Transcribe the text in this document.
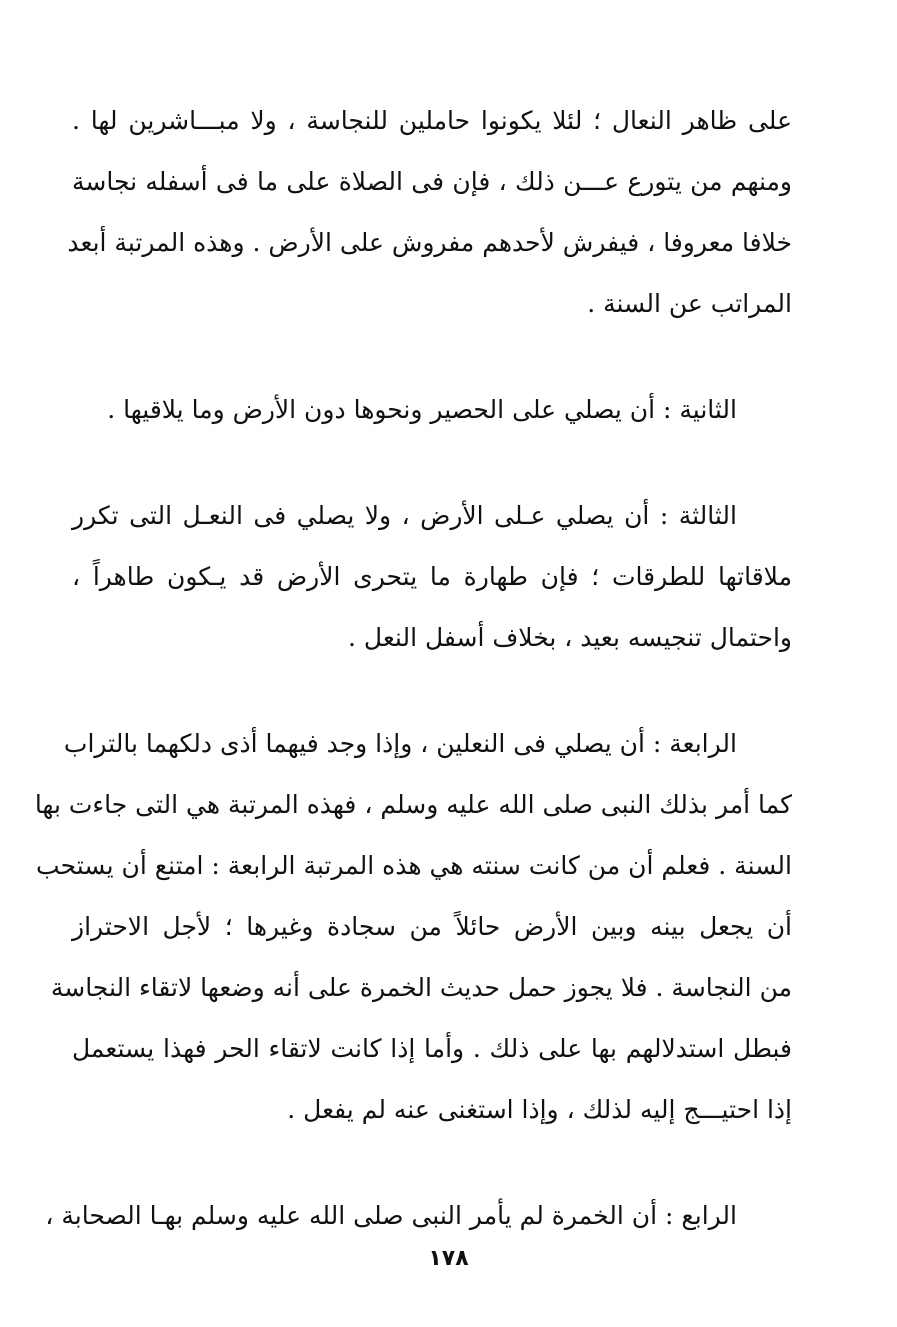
على ظاهر النعال ؛ لئلا يكونوا حاملين للنجاسة ، ولا مبـــاشرين لها .
ومنهم من يتورع عـــن ذلك ، فإن فى الصلاة على ما فى أسفله نجاسة
خلافا معروفا ، فيفرش لأحدهم مفروش على الأرض . وهذه المرتبة أبعد
المراتب عن السنة .
الثانية : أن يصلي على الحصير ونحوها دون الأرض وما يلاقيها .
الثالثة : أن يصلي عـلى الأرض ، ولا يصلي فى النعـل التى تكرر
ملاقاتها للطرقات ؛ فإن طهارة ما يتحرى الأرض قد يـكون طاهراً ،
واحتمال تنجيسه بعيد ، بخلاف أسفل النعل .
الرابعة : أن يصلي فى النعلين ، وإذا وجد فيهما أذى دلكهما بالتراب
كما أمر بذلك النبى صلى الله عليه وسلم ، فهذه المرتبة هي التى جاءت بها
السنة . فعلم أن من كانت سنته هي هذه المرتبة الرابعة : امتنع أن يستحب
أن يجعل بينه وبين الأرض حائلاً من سجادة وغيرها ؛ لأجل الاحتراز
من النجاسة . فلا يجوز حمل حديث الخمرة على أنه وضعها لاتقاء النجاسة
فبطل استدلالهم بها على ذلك . وأما إذا كانت لاتقاء الحر فهذا يستعمل
إذا احتيـــج إليه لذلك ، وإذا استغنى عنه لم يفعل .
الرابع : أن الخمرة لم يأمر النبى صلى الله عليه وسلم بهـا الصحابة ،
١٧٨
